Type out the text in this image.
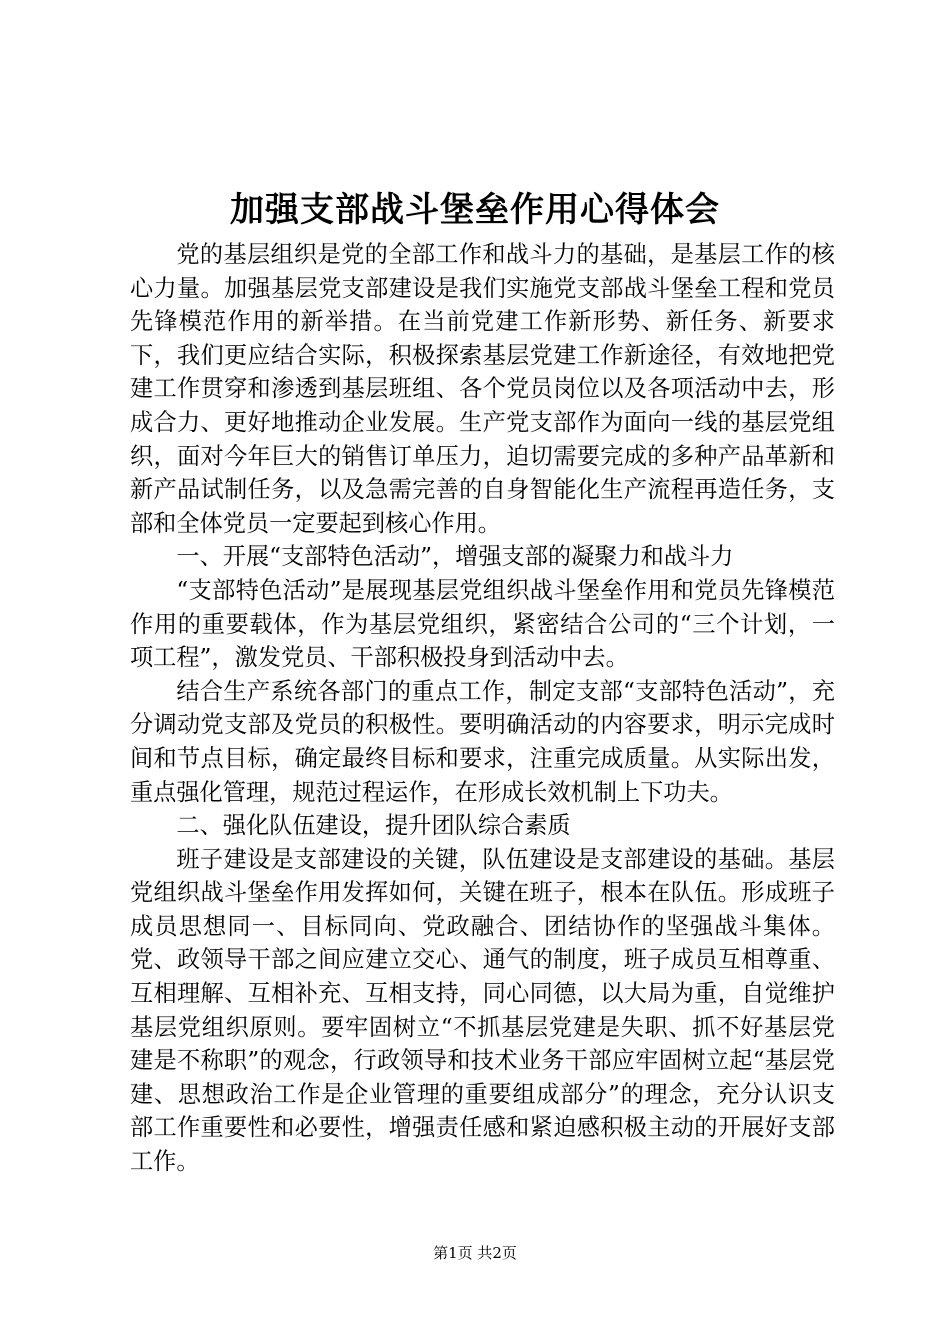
加强支部战斗堡垒作用心得体会

党的基层组织是党的全部工作和战斗力的基础，是基层工作的核心力量。加强基层党支部建设是我们实施党支部战斗堡垒工程和党员先锋模范作用的新举措。在当前党建工作新形势、新任务、新要求下，我们更应结合实际，积极探索基层党建工作新途径，有效地把党建工作贯穿和渗透到基层班组、各个党员岗位以及各项活动中去，形成合力、更好地推动企业发展。生产党支部作为面向一线的基层党组织，面对今年巨大的销售订单压力，迫切需要完成的多种产品革新和新产品试制任务，以及急需完善的自身智能化生产流程再造任务，支部和全体党员一定要起到核心作用。

一、开展“支部特色活动”，增强支部的凝聚力和战斗力

“支部特色活动”是展现基层党组织战斗堡垒作用和党员先锋模范作用的重要载体，作为基层党组织，紧密结合公司的“三个计划，一项工程”，激发党员、干部积极投身到活动中去。

结合生产系统各部门的重点工作，制定支部“支部特色活动”，充分调动党支部及党员的积极性。要明确活动的内容要求，明示完成时间和节点目标，确定最终目标和要求，注重完成质量。从实际出发，重点强化管理，规范过程运作，在形成长效机制上下功夫。

二、强化队伍建设，提升团队综合素质

班子建设是支部建设的关键，队伍建设是支部建设的基础。基层党组织战斗堡垒作用发挥如何，关键在班子，根本在队伍。形成班子成员思想同一、目标同向、党政融合、团结协作的坚强战斗集体。党、政领导干部之间应建立交心、通气的制度，班子成员互相尊重、互相理解、互相补充、互相支持，同心同德，以大局为重，自觉维护基层党组织原则。要牢固树立“不抓基层党建是失职、抓不好基层党建是不称职”的观念，行政领导和技术业务干部应牢固树立起“基层党建、思想政治工作是企业管理的重要组成部分”的理念，充分认识支部工作重要性和必要性，增强责任感和紧迫感积极主动的开展好支部工作。

第1页 共2页
